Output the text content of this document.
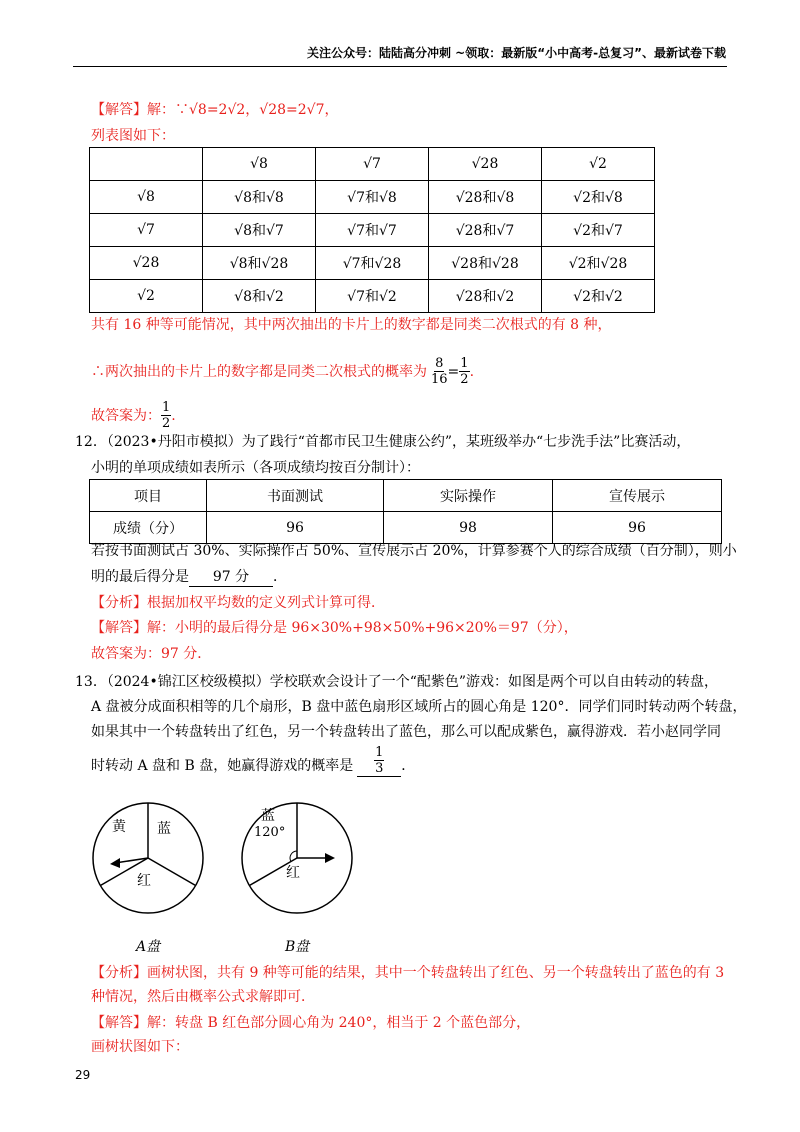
关注公众号：陆陆高分冲刺 ~领取：最新版“小中高考-总复习”、最新试卷下载
【解答】解：∵√8=2√2，√28=2√7，
列表图如下：
	√8	√7	√28	√2
√8	√8和√8	√7和√8	√28和√8	√2和√8
√7	√8和√7	√7和√7	√28和√7	√2和√7
√28	√8和√28	√7和√28	√28和√28	√2和√28
√2	√8和√2	√7和√2	√28和√2	√2和√2
共有 16 种等可能情况，其中两次抽出的卡片上的数字都是同类二次根式的有 8 种，
∴两次抽出的卡片上的数字都是同类二次根式的概率为 $\frac{8}{16} = \frac{1}{2}$ .
故答案为： $\frac{1}{2}$ .
12．（2023•丹阳市模拟）为了践行“首都市民卫生健康公约”，某班级举办“七步洗手法”比赛活动，
小明的单项成绩如表所示（各项成绩均按百分制计）：
项目	书面测试	实际操作	宣传展示
成绩（分）	96	98	96
若按书面测试占 30%、实际操作占 50%、宣传展示占 20%，计算参赛个人的综合成绩（百分制），则小
明的最后得分是 97 分 ．
【分析】根据加权平均数的定义列式计算可得．
【解答】解：小明的最后得分是 96×30%+98×50%+96×20%＝97（分），
故答案为：97 分．
13．（2024•锦江区校级模拟）学校联欢会设计了一个“配紫色”游戏：如图是两个可以自由转动的转盘，
A 盘被分成面积相等的几个扇形，B 盘中蓝色扇形区域所占的圆心角是 120°．同学们同时转动两个转盘，
如果其中一个转盘转出了红色，另一个转盘转出了蓝色，那么可以配成紫色，赢得游戏．若小赵同学同
时转动 A 盘和 B 盘，她赢得游戏的概率是 $\frac{1}{3}$ ．
黄 蓝
红
A盘
蓝
120°
红
B盘
【分析】画树状图，共有 9 种等可能的结果，其中一个转盘转出了红色、另一个转盘转出了蓝色的有 3
种情况，然后由概率公式求解即可．
【解答】解：转盘 B 红色部分圆心角为 240°，相当于 2 个蓝色部分，
画树状图如下：
29
